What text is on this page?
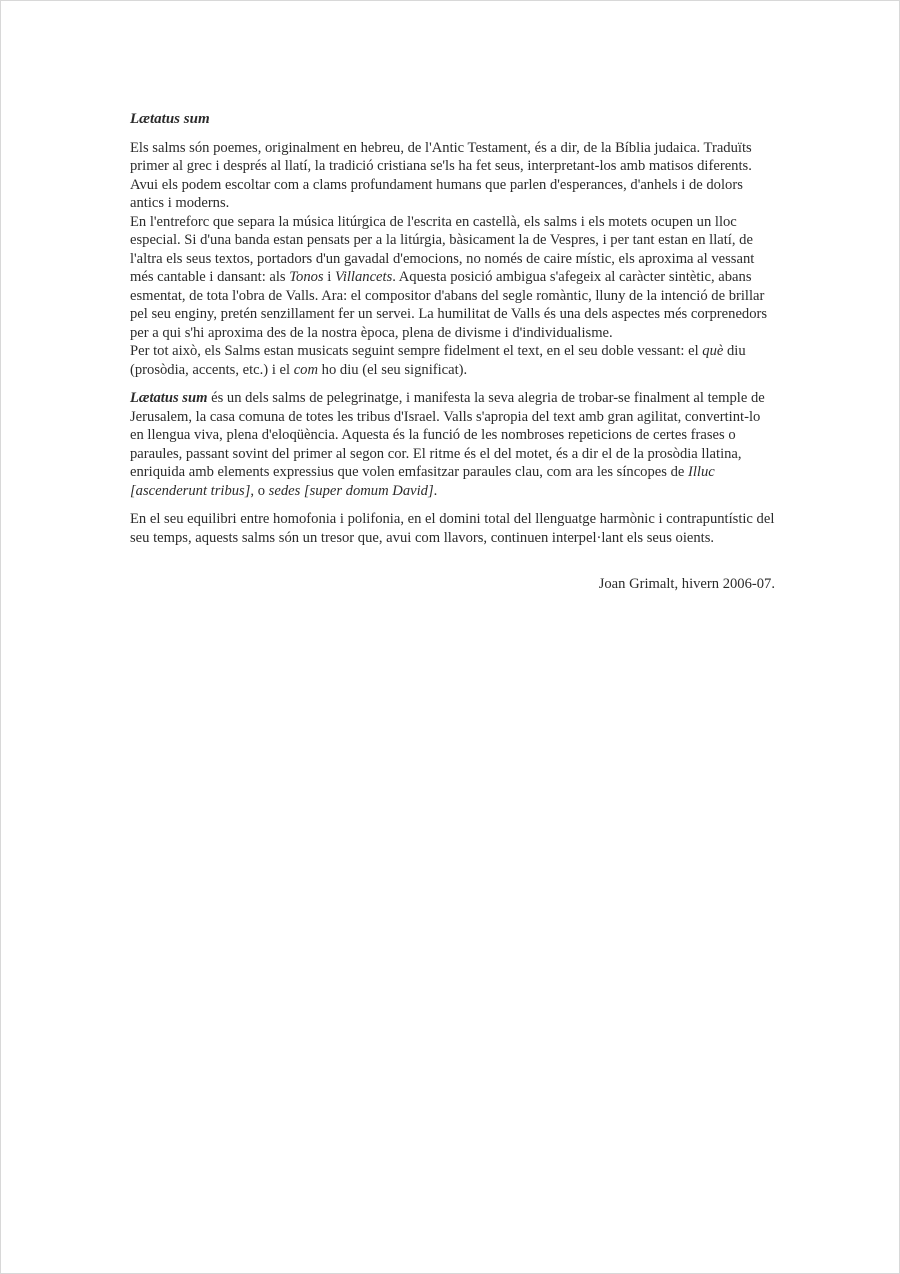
Lætatus sum

Els salms són poemes, originalment en hebreu, de l'Antic Testament, és a dir, de la Bíblia judaica. Traduïts primer al grec i després al llatí, la tradició cristiana se'ls ha fet seus, interpretant-los amb matisos diferents. Avui els podem escoltar com a clams profundament humans que parlen d'esperances, d'anhels i de dolors antics i moderns.

En l'entreforc que separa la música litúrgica de l'escrita en castellà, els salms i els motets ocupen un lloc especial. Si d'una banda estan pensats per a la litúrgia, bàsicament la de Vespres, i per tant estan en llatí, de l'altra els seus textos, portadors d'un gavadal d'emocions, no només de caire místic, els aproxima al vessant més cantable i dansant: als Tonos i Villancets. Aquesta posició ambigua s'afegeix al caràcter sintètic, abans esmentat, de tota l'obra de Valls. Ara: el compositor d'abans del segle romàntic, lluny de la intenció de brillar pel seu enginy, pretén senzillament fer un servei. La humilitat de Valls és una dels aspectes més corprenedors per a qui s'hi aproxima des de la nostra època, plena de divisme i d'individualisme.

Per tot això, els Salms estan musicats seguint sempre fidelment el text, en el seu doble vessant: el què diu (prosòdia, accents, etc.) i el com ho diu (el seu significat).

Lætatus sum és un dels salms de pelegrinatge, i manifesta la seva alegria de trobar-se finalment al temple de Jerusalem, la casa comuna de totes les tribus d'Israel. Valls s'apropia del text amb gran agilitat, convertint-lo en llengua viva, plena d'eloqüència. Aquesta és la funció de les nombroses repeticions de certes frases o paraules, passant sovint del primer al segon cor. El ritme és el del motet, és a dir el de la prosòdia llatina, enriquida amb elements expressius que volen emfasitzar paraules clau, com ara les síncopes de Illuc [ascenderunt tribus], o sedes [super domum David].

En el seu equilibri entre homofonia i polifonia, en el domini total del llenguatge harmònic i contrapuntístic del seu temps, aquests salms són un tresor que, avui com llavors, continuen interpel·lant els seus oients.

Joan Grimalt, hivern 2006-07.
